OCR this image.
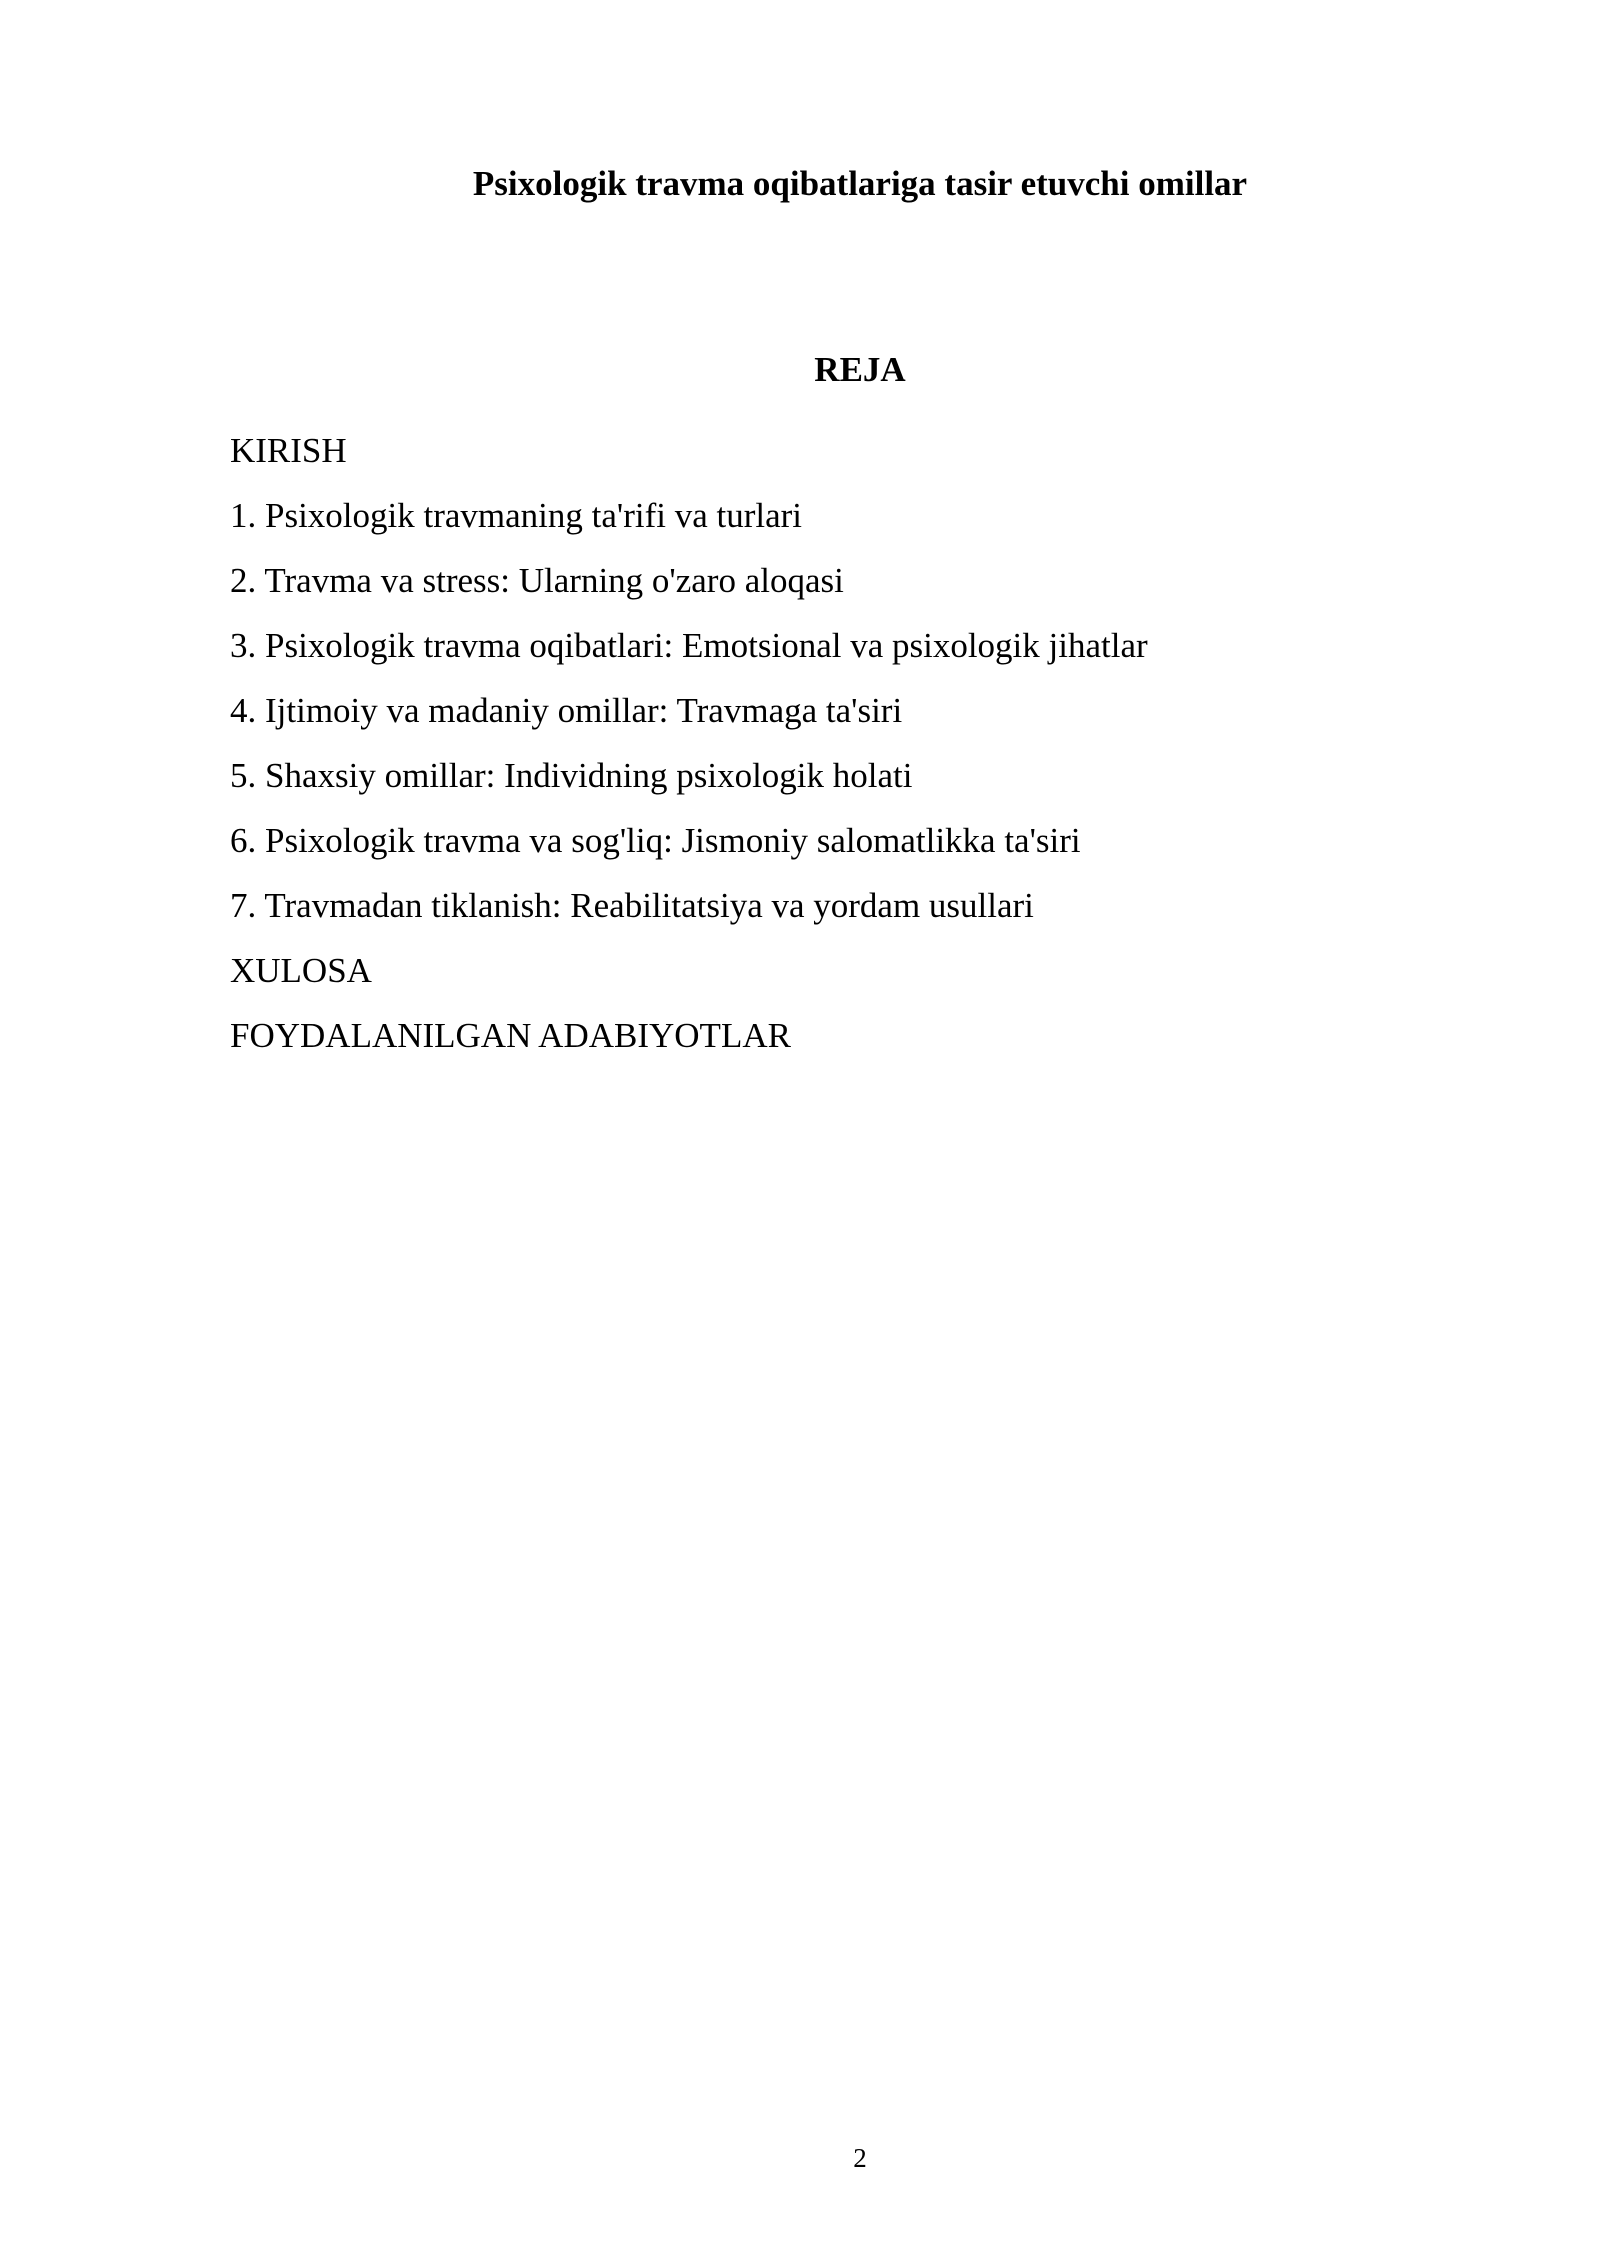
Psixologik travma oqibatlariga tasir etuvchi omillar
REJA
KIRISH
1. Psixologik travmaning ta'rifi va turlari
2. Travma va stress: Ularning o'zaro aloqasi
3. Psixologik travma oqibatlari: Emotsional va psixologik jihatlar
4. Ijtimoiy va madaniy omillar: Travmaga ta'siri
5. Shaxsiy omillar: Individning psixologik holati
6. Psixologik travma va sog'liq: Jismoniy salomatlikka ta'siri
7. Travmadan tiklanish: Reabilitatsiya va yordam usullari
XULOSA
FOYDALANILGAN ADABIYOTLAR
2
